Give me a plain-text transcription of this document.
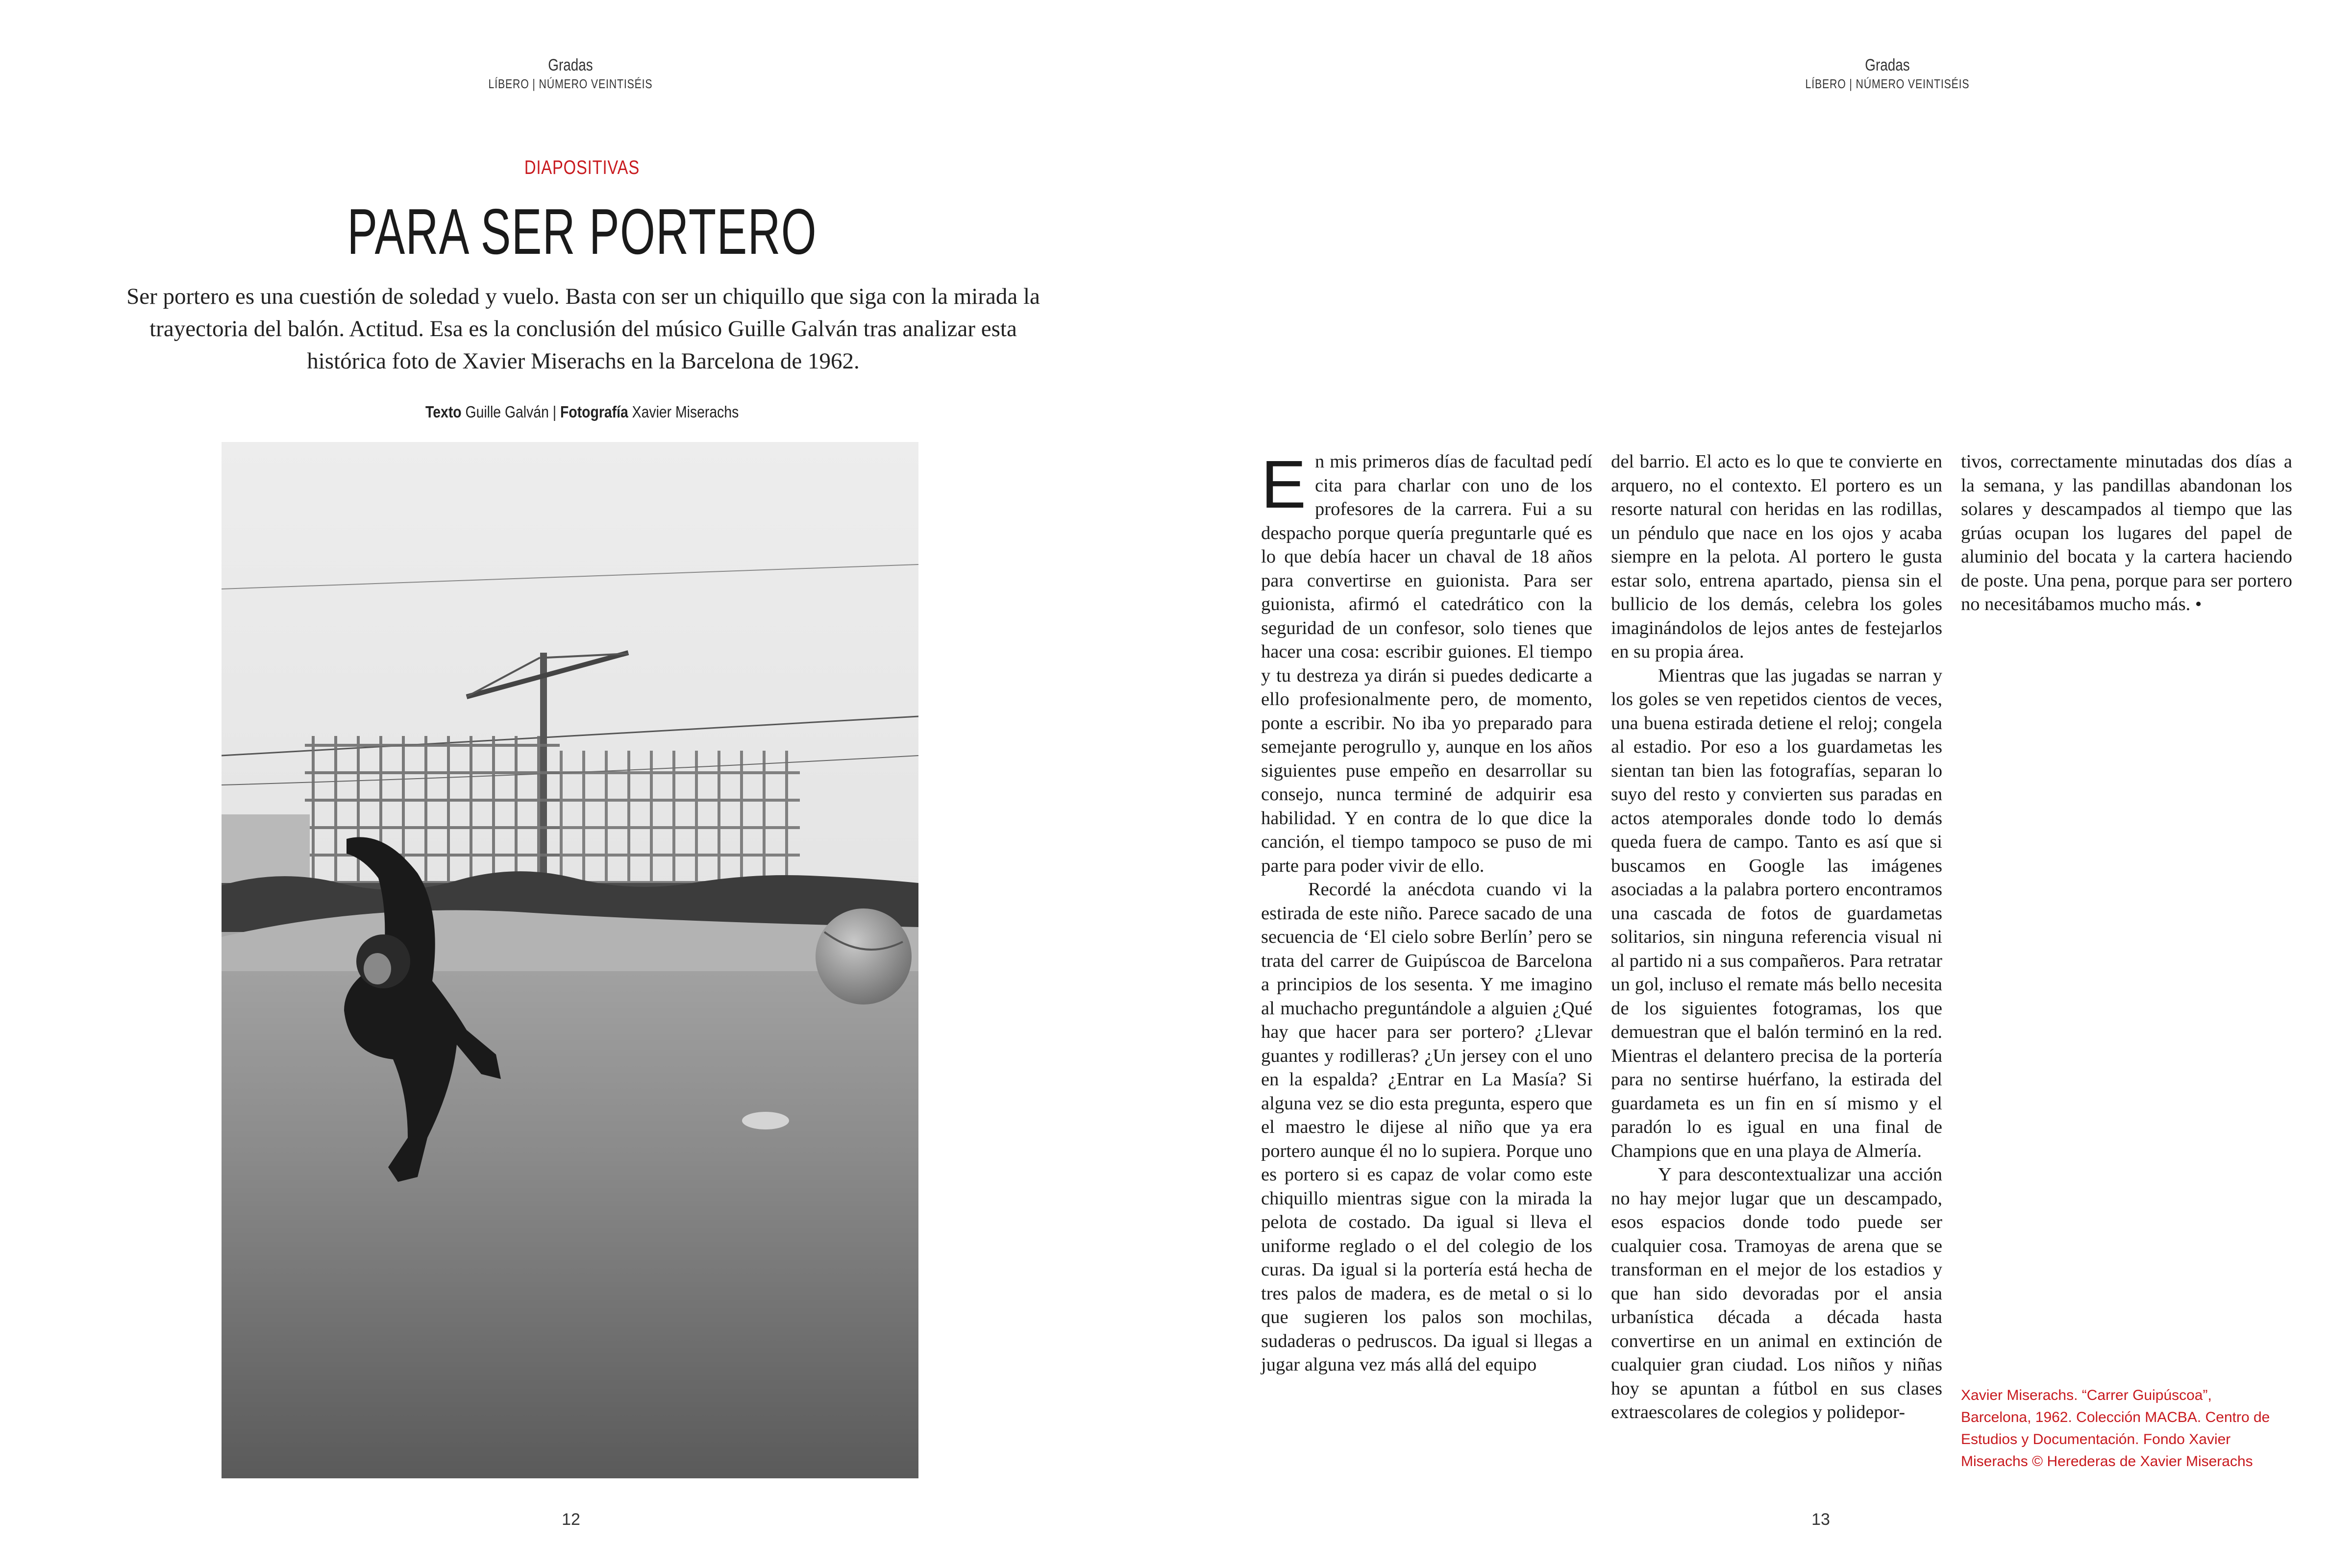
Gradas
LÍBERO | NÚMERO VEINTISÉIS
DIAPOSITIVAS
PARA SER PORTERO
Ser portero es una cuestión de soledad y vuelo. Basta con ser un chiquillo que siga con la mirada la trayectoria del balón. Actitud. Esa es la conclusión del músico Guille Galván tras analizar esta histórica foto de Xavier Miserachs en la Barcelona de 1962.
Texto Guille Galván | Fotografía Xavier Miserachs
12
Gradas
LÍBERO | NÚMERO VEINTISÉIS

E n mis primeros días de facultad pedí cita para charlar con uno de los profesores de la carrera. Fui a su despacho porque quería preguntarle qué es lo que debía hacer un chaval de 18 años para convertirse en guionista. Para ser guionista, afirmó el catedrático con la seguridad de un confesor, solo tienes que hacer una cosa: escribir guiones. El tiempo y tu destreza ya dirán si puedes dedicarte a ello profesionalmente pero, de momento, ponte a escribir. No iba yo preparado para semejante perogrullo y, aunque en los años siguientes puse empeño en desarrollar su consejo, nunca terminé de adquirir esa habilidad. Y en contra de lo que dice la canción, el tiempo tampoco se puso de mi parte para poder vivir de ello.

Recordé la anécdota cuando vi la estirada de este niño. Parece sacado de una secuencia de ‘El cielo sobre Berlín’ pero se trata del carrer de Guipúscoa de Barcelona a principios de los sesenta. Y me imagino al muchacho preguntándole a alguien ¿Qué hay que hacer para ser portero? ¿Llevar guantes y rodilleras? ¿Un jersey con el uno en la espalda? ¿Entrar en La Masía? Si alguna vez se dio esta pregunta, espero que el maestro le dijese al niño que ya era portero aunque él no lo supiera. Porque uno es portero si es capaz de volar como este chiquillo mientras sigue con la mirada la pelota de costado. Da igual si lleva el uniforme reglado o el del colegio de los curas. Da igual si la portería está hecha de tres palos de madera, es de metal o si lo que sugieren los palos son mochilas, sudaderas o pedruscos. Da igual si llegas a jugar alguna vez más allá del equipo

del barrio. El acto es lo que te convierte en arquero, no el contexto. El portero es un resorte natural con heridas en las rodillas, un péndulo que nace en los ojos y acaba siempre en la pelota. Al portero le gusta estar solo, entrena apartado, piensa sin el bullicio de los demás, celebra los goles imaginándolos de lejos antes de festejarlos en su propia área.

Mientras que las jugadas se narran y los goles se ven repetidos cientos de veces, una buena estirada detiene el reloj; congela al estadio. Por eso a los guardametas les sientan tan bien las fotografías, separan lo suyo del resto y convierten sus paradas en actos atemporales donde todo lo demás queda fuera de campo. Tanto es así que si buscamos en Google las imágenes asociadas a la palabra portero encontramos una cascada de fotos de guardametas solitarios, sin ninguna referencia visual ni al partido ni a sus compañeros. Para retratar un gol, incluso el remate más bello necesita de los siguientes fotogramas, los que demuestran que el balón terminó en la red. Mientras el delantero precisa de la portería para no sentirse huérfano, la estirada del guardameta es un fin en sí mismo y el paradón lo es igual en una final de Champions que en una playa de Almería.

Y para descontextualizar una acción no hay mejor lugar que un descampado, esos espacios donde todo puede ser cualquier cosa. Tramoyas de arena que se transforman en el mejor de los estadios y que han sido devoradas por el ansia urbanística década a década hasta convertirse en un animal en extinción de cualquier gran ciudad. Los niños y niñas hoy se apuntan a fútbol en sus clases extraescolares de colegios y polidepor-

tivos, correctamente minutadas dos días a la semana, y las pandillas abandonan los solares y descampados al tiempo que las grúas ocupan los lugares del papel de aluminio del bocata y la cartera haciendo de poste. Una pena, porque para ser portero no necesitábamos mucho más. •

Xavier Miserachs. “Carrer Guipúscoa”, Barcelona, 1962. Colección MACBA. Centro de Estudios y Documentación. Fondo Xavier Miserachs © Herederas de Xavier Miserachs
13
